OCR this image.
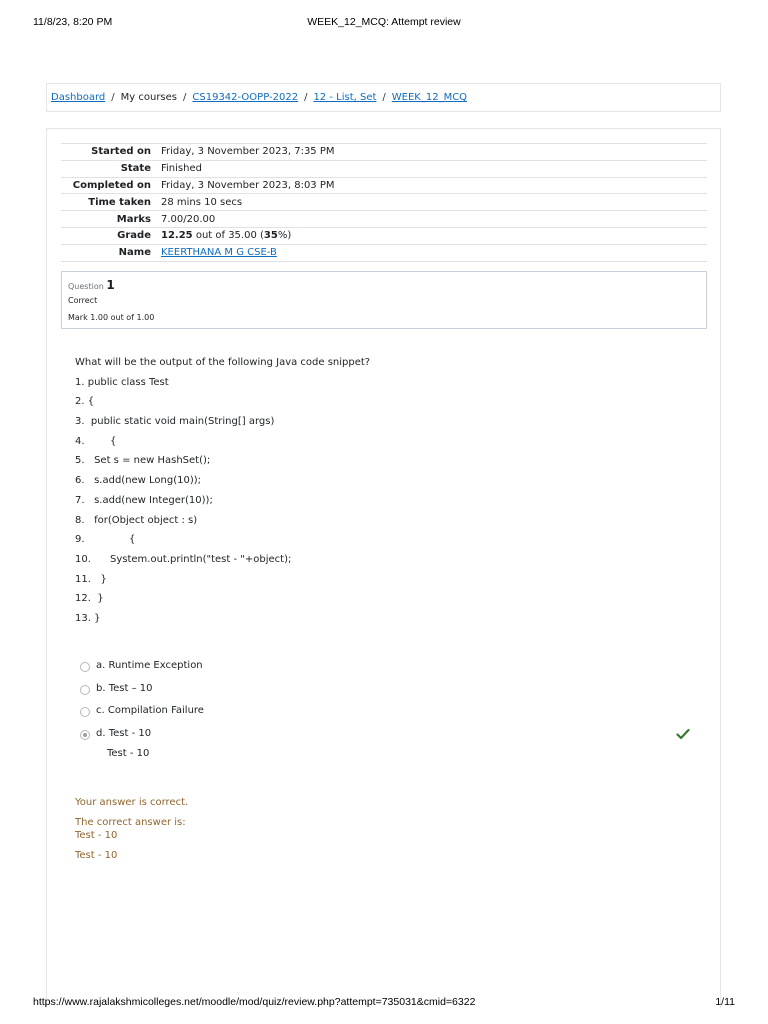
11/8/23, 8:20 PM	WEEK_12_MCQ: Attempt review
Dashboard / My courses / CS19342-OOPP-2022 / 12 - List, Set / WEEK_12_MCQ
Started on	Friday, 3 November 2023, 7:35 PM
State	Finished
Completed on	Friday, 3 November 2023, 8:03 PM
Time taken	28 mins 10 secs
Marks	7.00/20.00
Grade	12.25 out of 35.00 (35%)
Name	KEERTHANA M G CSE-B
Question 1
Correct
Mark 1.00 out of 1.00
What will be the output of the following Java code snippet?
1. public class Test
2. {
3.  public static void main(String[] args)
4.        {
5.   Set s = new HashSet();
6.   s.add(new Long(10));
7.   s.add(new Integer(10));
8.   for(Object object : s)
9.              {
10.      System.out.println("test - "+object);
11.   }
12.  }
13. }
a. Runtime Exception
b. Test – 10
c. Compilation Failure
d. Test - 10
Test - 10
Your answer is correct.
The correct answer is:
Test - 10
Test - 10
https://www.rajalakshmicolleges.net/moodle/mod/quiz/review.php?attempt=735031&cmid=6322	1/11
